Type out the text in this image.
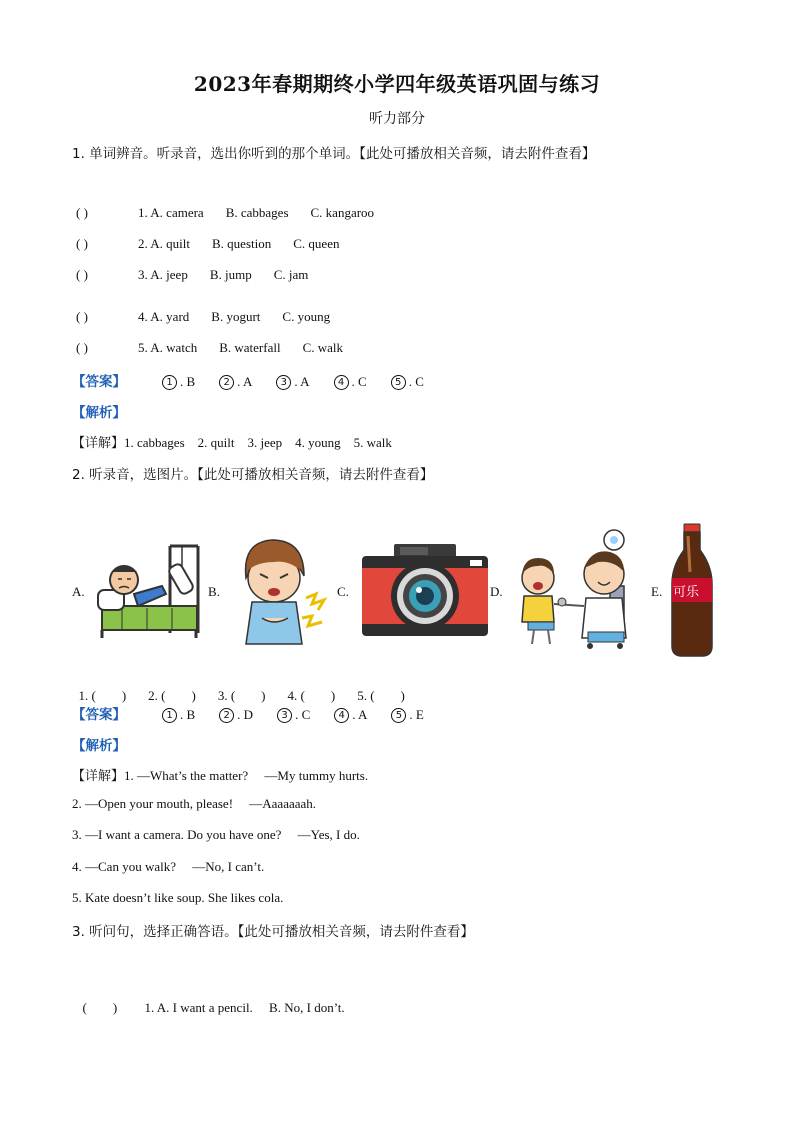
2023年春期期终小学四年级英语巩固与练习
听力部分
1. 单词辨音。听录音，选出你听到的那个单词。【此处可播放相关音频，请去附件查看】
( )	1. A. camera B. cabbages C. kangaroo
( )	2. A. quilt B. question C. queen
( )	3. A. jeep B. jump C. jam
( )	4. A. yard B. yogurt C. young
( )	5. A. watch B. waterfall C. walk
【答案】	1 . B	2 . A	3 . A	4 . C	5 . C
【解析】
【详解】1. cabbages    2. quilt    3. jeep    4. young    5. walk
2. 听录音，选图片。【此处可播放相关音频，请去附件查看】
A.	B.	C.	D.	E. 可乐

1. (        ) 2. (        ) 3. (        ) 4. (        ) 5. (        )

【答案】	1 . B	2 . D	3 . C	4 . A	5 . E
【解析】
【详解】1. —What’s the matter?     —My tummy hurts.
2. —Open your mouth, please!     —Aaaaaaah.
3. —I want a camera. Do you have one?     —Yes, I do.
4. —Can you walk?     —No, I can’t.
5. Kate doesn’t like soup. She likes cola.
3. 听问句，选择正确答语。【此处可播放相关音频，请去附件查看】

(        ) 1. A. I want a pencil.     B. No, I don’t.
